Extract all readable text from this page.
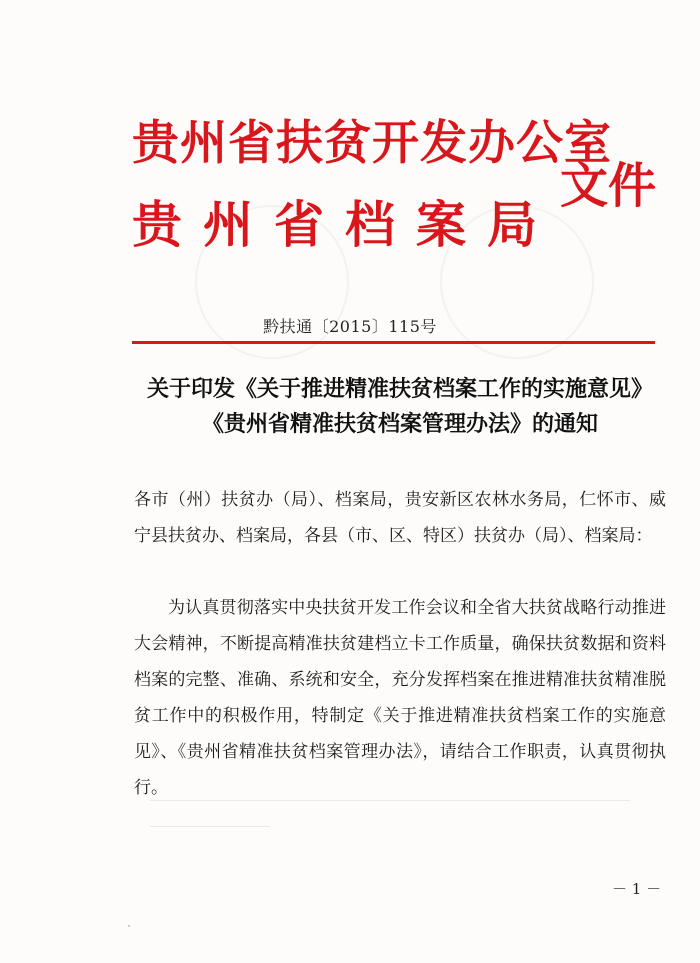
贵州省扶贫开发办公室
贵州省档案局
文件
黔扶通〔2015〕115号
关于印发《关于推进精准扶贫档案工作的实施意见》
《贵州省精准扶贫档案管理办法》的通知
各市（州）扶贫办（局）、档案局，贵安新区农林水务局，仁怀市、威宁县扶贫办、档案局，各县（市、区、特区）扶贫办（局）、档案局：
为认真贯彻落实中央扶贫开发工作会议和全省大扶贫战略行动推进大会精神，不断提高精准扶贫建档立卡工作质量，确保扶贫数据和资料档案的完整、准确、系统和安全，充分发挥档案在推进精准扶贫精准脱贫工作中的积极作用，特制定《关于推进精准扶贫档案工作的实施意见》、《贵州省精准扶贫档案管理办法》，请结合工作职责，认真贯彻执行。
－ 1 －
